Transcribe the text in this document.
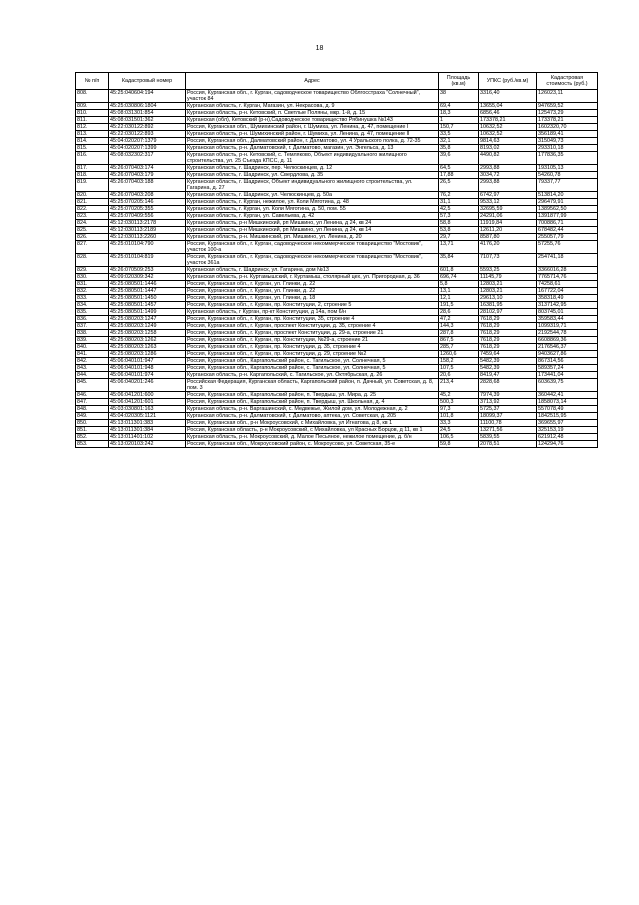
18
№ п/п	Кадастровый номер	Адрес	Площадь (кв.м)	УПКС (руб./кв.м)	Кадастровая стоимость (руб.)
808.	45:25:040604:194	Россия, Курганская обл., г. Курган, садоводческое товарищество Облгосстраха "Солнечный", участок 84	38	3316,40	126023,11
809.	45:25:030806:1804	Курганская область, г. Курган, Магазин, ул. Некрасова, д. 9	69,4	13655,04	947659,52
810.	45:08:031301:854	Курганская область, р-н. Кетовский, п. Светлые Поляны, мкр. 1-й, д. 15	18,3	6856,46	125473,29
811.	45:08:031501:362	Курганская (обл), Кетовский (р-н),Садоводческое товарищество Рябинушка №143	1	173378,21	173378,21
812.	45:22:030122:892	Россия, Курганская обл., Шумихинский район, г. Шумиха, ул. Ленина, д. 47, помещение I	150,7	10632,52	1602320,70
813.	45:22:030122:893	Курганская область, р-н. Шумихинский район, г. Шумиха, ул. Ленина, д. 47, помещение II	33,5	10632,52	356189,41
814.	45:04:020207:1379	Россия, Курганская обл., Далматовский район, г. Далматово, ул. 4 Уральского полка, д. 72-35	32,1	9814,63	315049,73
815.	45:04:020207:1399	Курганская область, р-н. Далматовский, г. Далматово, магазин, ул. Энгельса, д. 13	35,8	8193,02	293310,18
816.	45:08:032302:317	Курганская область, р-н. Кетовский, с. Темляково, Объект индивидуального жилищного строительства, ул. 25 Съезда КПСС, д. 11	39,6	4490,82	177836,35
817.	45:26:070403:174	Курганская область, г. Шадринск, пер. Челюскинцев, д. 12	64,5	2993,88	193105,13
818.	45:26:070403:179	Курганская область, г. Шадринск, ул. Свердлова, д. 35	17,88	3034,72	54260,78
819.	45:26:070403:188	Курганская область, г. Шадринск, Объект индивидуального жилищного строительства, ул. Гагарина, д. 27	26,5	2993,88	79337,77
820.	45:26:070403:208	Курганская область, г. Шадринск, ул. Челюскинцев, д. 50а	76,2	6742,97	513814,20
821.	45:25:070205:146	Курганская область, г. Курган, нежилое, ул. Коли Мяготина, д. 48	31,1	9533,12	296479,91
822.	45:25:070205:355	Курганская область, г. Курган, ул. Коли Мяготина, д. 50, пом. 55	42,5	32695,59	1389562,50
823.	45:25:070409:556	Курганская область, г. Курган, ул. Савельева, д. 42	57,3	24291,06	1391877,99
824.	45:12:030113:2178	Курганская область, р-н Мишкинский, рп Мишкино, ул Ленина, д 24, кв 24	58,8	11919,84	700886,71
825.	45:12:030113:2189	Курганская область, р-н Мишкинский, рп Мишкино, ул Ленина, д 24, кв 14	53,8	12611,20	678482,44
826.	45:12:030113:2260	Курганская область, р-н. Мишкинский, рп. Мишкино, ул. Ленина, д. 20	29,7	8587,80	255057,79
827.	45:25:010104:790	Россия, Курганская обл., г. Курган, садоводческое некоммерческое товарищество "Мостовик", участок 100-а	13,71	4176,20	57255,76
828.	45:25:010104:819	Россия, Курганская обл., г. Курган, садоводческое некоммерческое товарищество "Мостовик", участок 361а	35,84	7107,73	254741,18
829.	45:26:070509:253	Курганская область, г. Шадринск, ул. Гагарина, дом №13	601,8	5593,25	3366016,28
830.	45:09:020309:342	Курганская область, р-н. Куртамышский, г. Куртамыш, столярный цех, ул. Пригородная, д. 36	696,74	11145,79	7765714,76
831.	45:25:080501:1446	Россия, Курганская обл., г. Курган, ул. Глинки, д. 22	5,8	12803,21	74258,61
832.	45:25:080501:1447	Россия, Курганская обл., г. Курган, ул. Глинки, д. 22	13,1	12803,21	167722,04
833.	45:25:080501:1450	Россия, Курганская обл., г. Курган, ул. Глинки, д. 18	12,1	29613,10	358318,49
834.	45:25:080501:1457	Россия, Курганская обл., г. Курган, пр. Конституции, 2, строение 5	191,5	16381,95	3137142,95
835.	45:25:080501:1499	Курганская область, г Курган, пр-кт Конституции, д 14а, пом 6/н	28,6	28102,97	803745,01
836.	45:25:080203:1247	Россия, Курганская обл., г. Курган, пр. Конституции, 35, строение 4	47,2	7618,29	359583,44
837.	45:25:080203:1249	Россия, Курганская обл., г. Курган, проспект Конституции, д. 35, строение 4	144,3	7618,29	1099319,71
838.	45:25:080203:1258	Россия, Курганская обл., г. Курган, проспект Конституции, д. 29-а, строение 21	287,8	7618,29	2192544,78
839.	45:25:080203:1262	Россия, Курганская обл., г. Курган, пр. Конституции, №29-а, строение 21	867,5	7618,29	6608869,36
840.	45:25:080203:1263	Россия, Курганская обл., г. Курган, пр. Конституции, д. 35, строение 4	285,7	7618,29	2176546,37
841.	45:25:080203:1286	Россия, Курганская обл., г. Курган, пр. Конституции, д. 29, строение №2	1260,6	7459,64	9403627,86
842.	45:06:040101:947	Россия, Курганская обл., Каргапольский район, с. Тагильское, ул. Солнечная, 5	158,2	5482,39	867314,56
843.	45:06:040101:948	Россия, Курганская обл., Каргапольский район, с. Тагильское, ул. Солнечная, 5	107,5	5482,39	589357,24
844.	45:06:040101:974	Курганская область, р-н. Каргапольский, с. Тагильское, ул. Октябрьская, д. 26	20,6	8419,47	173441,04
845.	45:06:040201:246	Российская Федерация, Курганская область, Каргапольский район, п. Дачный, ул. Советская, д. 8, пом. 3	213,4	2828,68	603639,75
846.	45:06:041201:600	Россия, Курганская обл., Каргапольский район, п. Твердыш, ул. Мира, д. 25	45,2	7974,39	360442,41
847.	45:06:041201:601	Россия, Курганская обл., Каргапольский район, п. Твердыш, ул. Школьная, д. 4	500,3	3713,92	1858073,14
848.	45:03:030801:163	Курганская область, р-н. Варгашинский, с. Медвежье, Жилой дом, ул. Молодежная, д. 2	97,3	5725,37	557078,49
849.	45:04:020305:1121	Курганская область, р-н. Далматовский, г. Далматово, аптека, ул. Советская, д. 205	101,8	18099,37	1842515,95
850.	45:13:011301:383	Россия, Курганская обл., р-н Мокроусовский, с Михайловка, ул Игнатова, д 8, кв 1	33,3	11100,78	369655,97
851.	45:13:011301:384	Россия, Курганская область, р-н Мокроусовский, с Михайловка, ул Красных Борцов, д 11, кв 1	24,5	13271,56	325153,19
852.	45:13:011401:102	Курганская область, р-н. Мокроусовский, д. Малое Песьяное, нежилое помещение, д. б/н	106,5	5839,55	621912,48
853.	45:13:020103:242	Россия, Курганская обл., Мокроусовский район, с. Мокроусово, ул. Советская, 35-е	59,8	2078,51	124294,76
